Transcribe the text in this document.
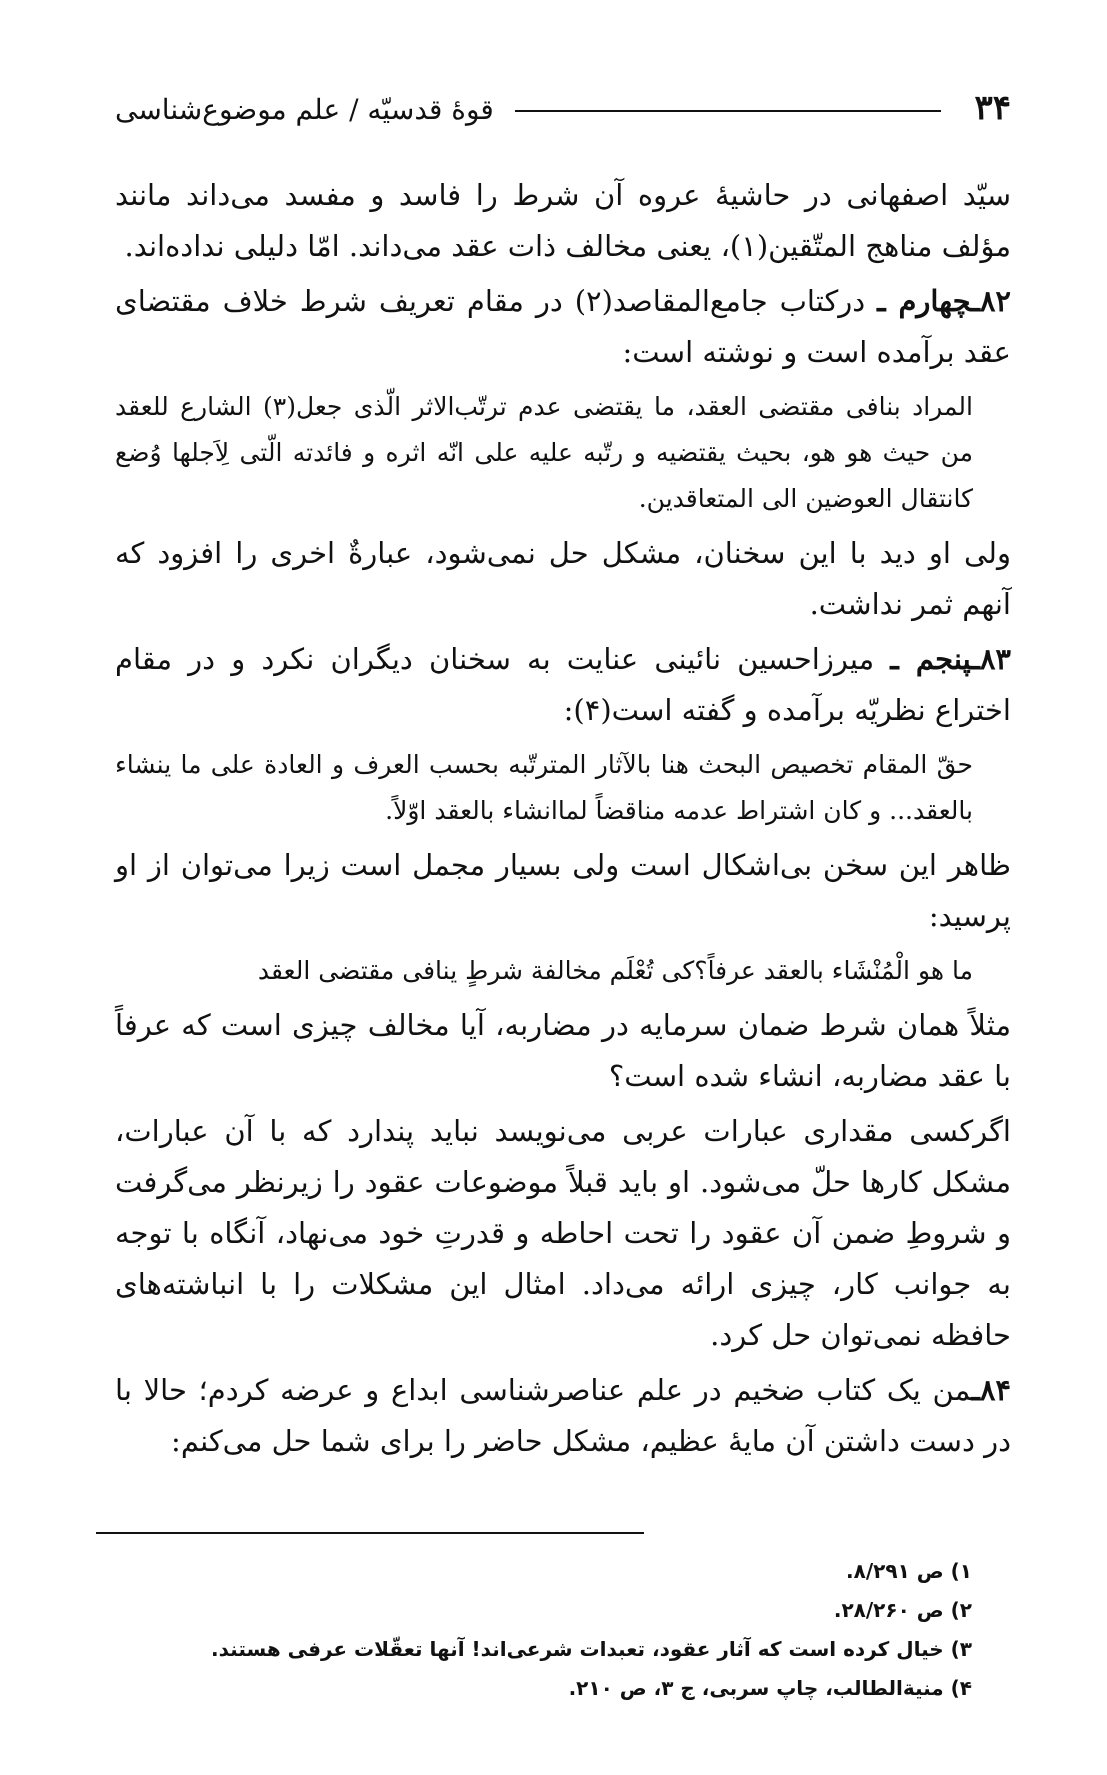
۳۴
قوهٔ قدسیّه / علم موضوع‌شناسی

سیّد اصفهانی در حاشیهٔ عروه آن شرط را فاسد و مفسد می‌داند مانند مؤلف مناهج المتّقین(۱)، یعنی مخالف ذات عقد می‌داند. امّا دلیلی نداده‌اند.

۸۲ـچهارم ـ درکتاب جامع‌المقاصد(۲) در مقام تعریف شرط خلاف مقتضای عقد برآمده است و نوشته است:

المراد بنافی مقتضی العقد، ما یقتضی عدم ترتّب‌الاثر الّذی جعل(۳) الشارع للعقد من حیث هو هو، بحیث یقتضیه و رتّبه علیه علی انّه اثره و فائدته الّتی لِاَجلها وُضع کانتقال العوضین الی المتعاقدین.

ولی او دید با این سخنان، مشکل حل نمی‌شود، عبارةٌ اخری را افزود که آنهم ثمر نداشت.

۸۳ـپنجم ـ میرزاحسین نائینی عنایت به سخنان دیگران نکرد و در مقام اختراع نظریّه برآمده و گفته است(۴):

حقّ المقام تخصیص البحث هنا بالآثار المترتّبه بحسب العرف و العادة علی ما ینشاء بالعقد... و کان اشتراط عدمه مناقضاً لماانشاء بالعقد اوّلاً.

ظاهر این سخن بی‌اشکال است ولی بسیار مجمل است زیرا می‌توان از او پرسید:

ما هو الْمُنْشَاء بالعقد عرفاً؟کی تُعْلَم مخالفة شرطٍ ینافی مقتضی العقد

مثلاً همان شرط ضمان سرمایه در مضاربه، آیا مخالف چیزی است که عرفاً با عقد مضاربه، انشاء شده است؟

اگرکسی مقداری عبارات عربی می‌نویسد نباید پندارد که با آن عبارات، مشکل کارها حلّ می‌شود. او باید قبلاً موضوعات عقود را زیرنظر می‌گرفت و شروطِ ضمن آن عقود را تحت احاطه و قدرتِ خود می‌نهاد، آنگاه با توجه به جوانب کار، چیزی ارائه می‌داد. امثال این مشکلات را با انباشته‌های حافظه نمی‌توان حل کرد.

۸۴ـمن یک کتاب ضخیم در علم عناصرشناسی ابداع و عرضه کردم؛ حالا با در دست داشتن آن مایهٔ عظیم، مشکل حاضر را برای شما حل می‌کنم:

۱) ص ۸/۲۹۱.

۲) ص ۲۸/۲۶۰.

۳) خیال کرده است که آثار عقود، تعبدات شرعی‌اند! آنها تعقّلات عرفی هستند.

۴) منیةالطالب، چاپ سربی، ج ۳، ص ۲۱۰.
